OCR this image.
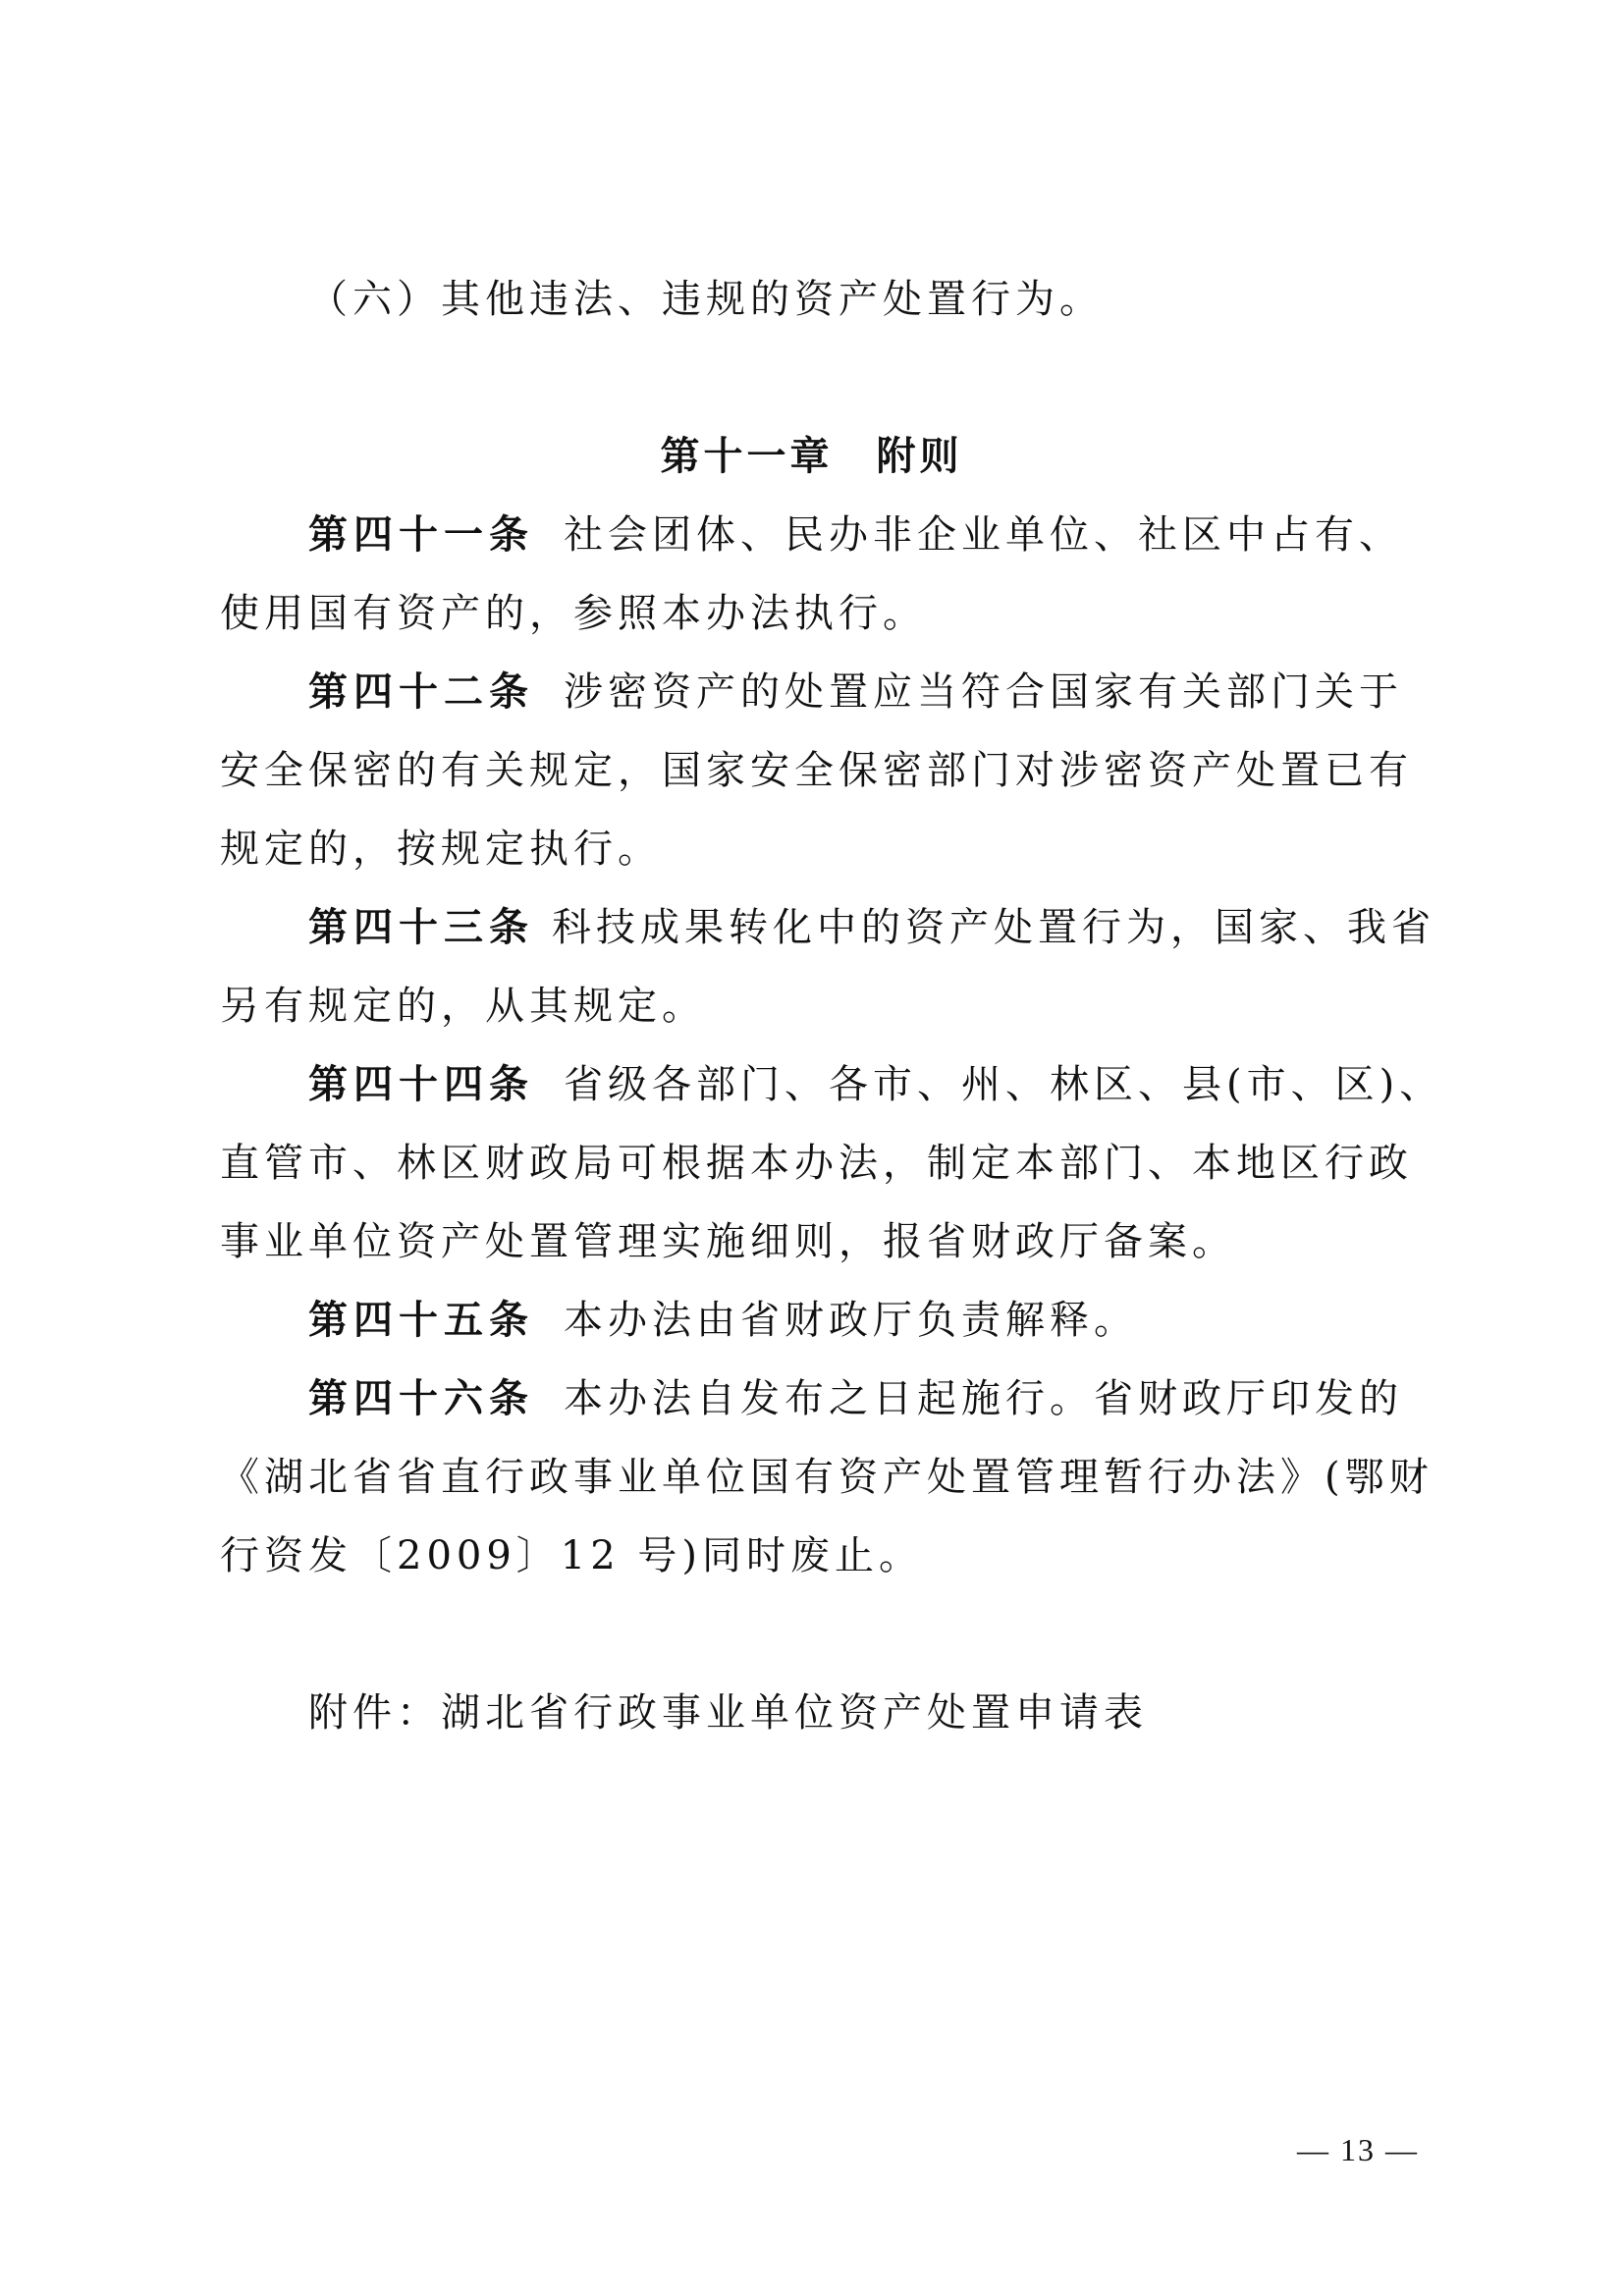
（六）其他违法、违规的资产处置行为。
第十一章　附则
第四十一条 社会团体、民办非企业单位、社区中占有、
使用国有资产的，参照本办法执行。
第四十二条 涉密资产的处置应当符合国家有关部门关于
安全保密的有关规定，国家安全保密部门对涉密资产处置已有
规定的，按规定执行。
第四十三条 科技成果转化中的资产处置行为，国家、我省
另有规定的，从其规定。
第四十四条 省级各部门、各市、州、林区、县(市、区)、
直管市、林区财政局可根据本办法，制定本部门、本地区行政
事业单位资产处置管理实施细则，报省财政厅备案。
第四十五条 本办法由省财政厅负责解释。
第四十六条 本办法自发布之日起施行。省财政厅印发的
《湖北省省直行政事业单位国有资产处置管理暂行办法》(鄂财
行资发〔2009〕12 号)同时废止。
附件：湖北省行政事业单位资产处置申请表
— 13 —
